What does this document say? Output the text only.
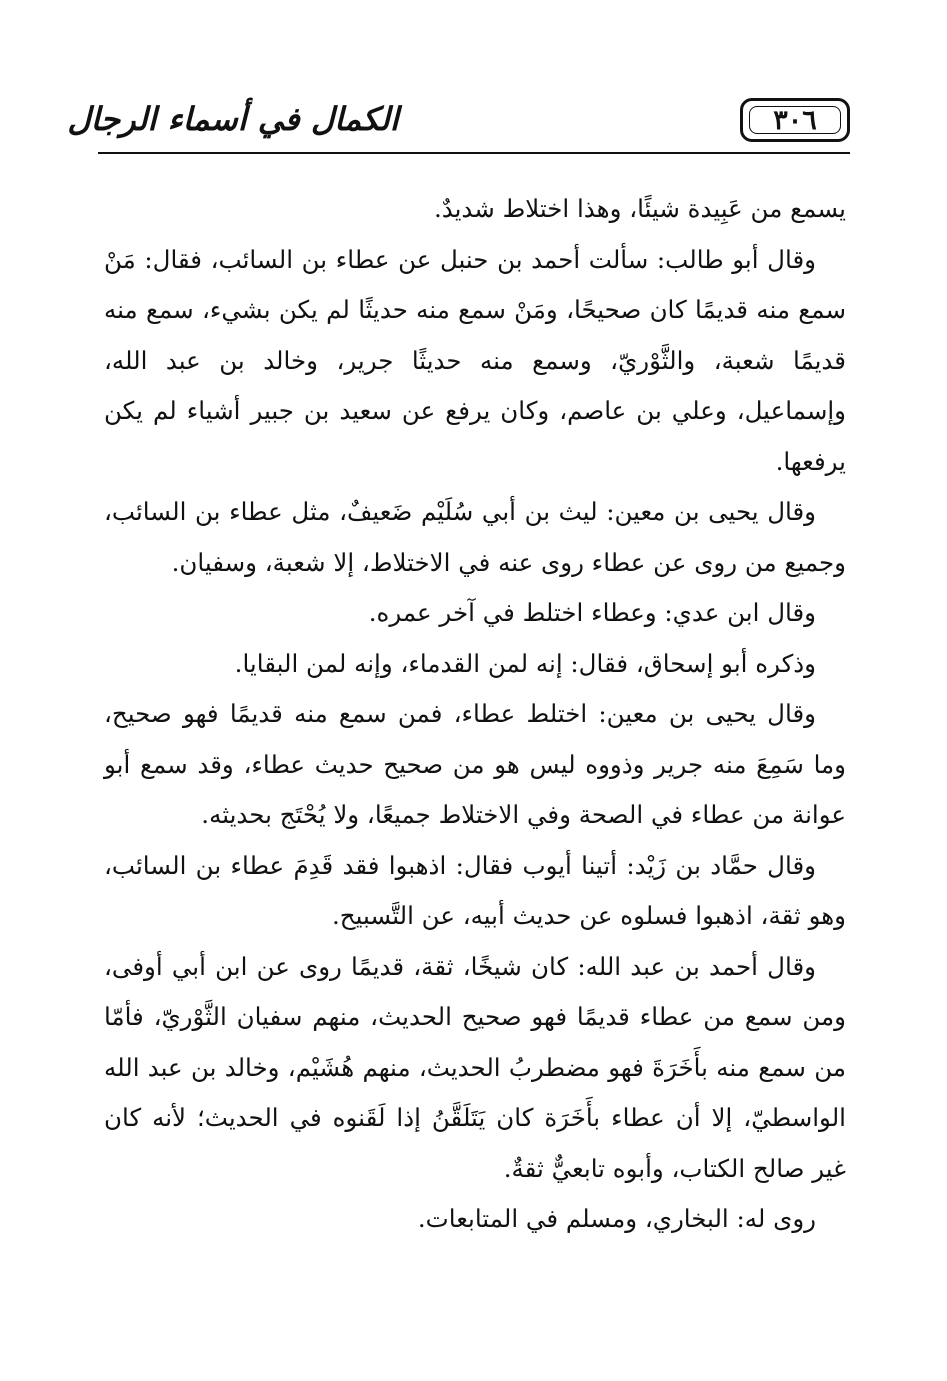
٣٠٦
الكمال في أسماء الرجال

يسمع من عَبِيدة شيئًا، وهذا اختلاط شديدٌ.

وقال أبو طالب: سألت أحمد بن حنبل عن عطاء بن السائب، فقال: مَنْ سمع منه قديمًا كان صحيحًا، ومَنْ سمع منه حديثًا لم يكن بشيء، سمع منه قديمًا شعبة، والثَّوْريّ، وسمع منه حديثًا جرير، وخالد بن عبد الله، وإسماعيل، وعلي بن عاصم، وكان يرفع عن سعيد بن جبير أشياء لم يكن يرفعها.

وقال يحيى بن معين: ليث بن أبي سُلَيْم ضَعيفٌ، مثل عطاء بن السائب، وجميع من روى عن عطاء روى عنه في الاختلاط، إلا شعبة، وسفيان.

وقال ابن عدي: وعطاء اختلط في آخر عمره.

وذكره أبو إسحاق، فقال: إنه لمن القدماء، وإنه لمن البقايا.

وقال يحيى بن معين: اختلط عطاء، فمن سمع منه قديمًا فهو صحيح، وما سَمِعَ منه جرير وذووه ليس هو من صحيح حديث عطاء، وقد سمع أبو عوانة من عطاء في الصحة وفي الاختلاط جميعًا، ولا يُحْتَج بحديثه.

وقال حمَّاد بن زَيْد: أتينا أيوب فقال: اذهبوا فقد قَدِمَ عطاء بن السائب، وهو ثقة، اذهبوا فسلوه عن حديث أبيه، عن التَّسبيح.

وقال أحمد بن عبد الله: كان شيخًا، ثقة، قديمًا روى عن ابن أبي أوفى، ومن سمع من عطاء قديمًا فهو صحيح الحديث، منهم سفيان الثَّوْريّ، فأمّا من سمع منه بأَخَرَةَ فهو مضطربُ الحديث، منهم هُشَيْم، وخالد بن عبد الله الواسطيّ، إلا أن عطاء بأَخَرَة كان يَتَلَقَّنُ إذا لَقَنوه في الحديث؛ لأنه كان غير صالح الكتاب، وأبوه تابعيٌّ ثقةٌ.

روى له: البخاري، ومسلم في المتابعات.
